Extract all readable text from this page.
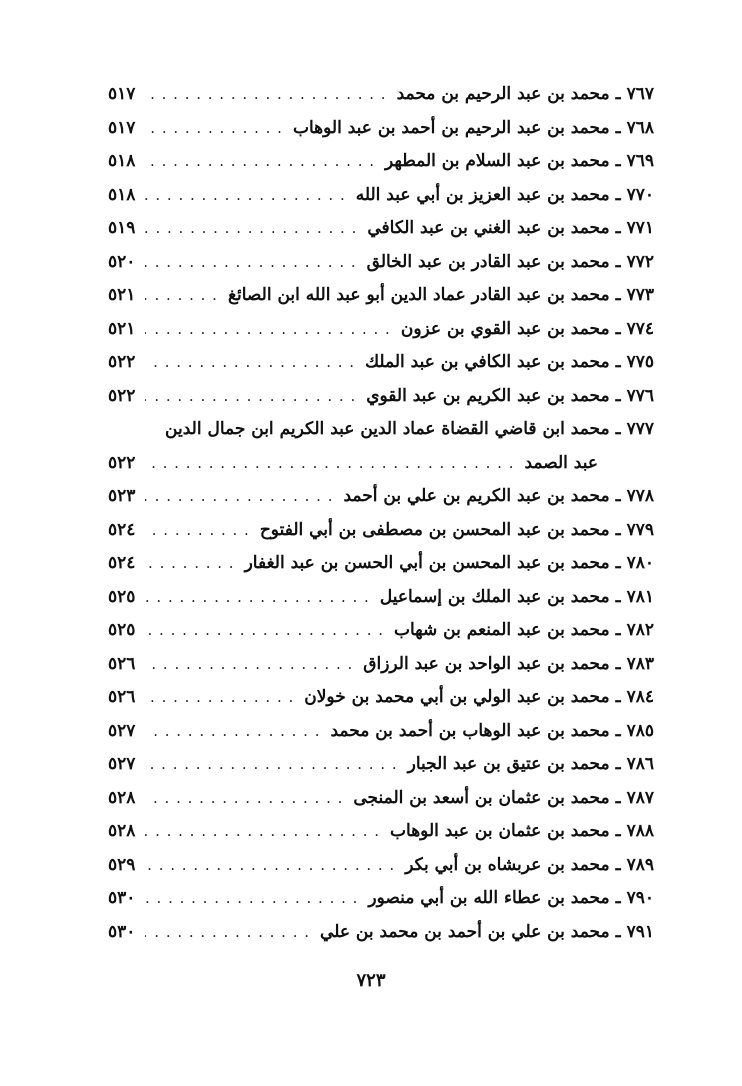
٧٦٧
ـ
محمد بن عبد الرحيم بن محمد
. . .
٥١٧
٧٦٨
ـ
محمد بن عبد الرحيم بن أحمد بن عبد الوهاب
. . .
٥١٧
٧٦٩
ـ
محمد بن عبد السلام بن المطهر
. . .
٥١٨
٧٧٠
ـ
محمد بن عبد العزيز بن أبي عبد الله
. . .
٥١٨
٧٧١
ـ
محمد بن عبد الغني بن عبد الكافي
. . .
٥١٩
٧٧٢
ـ
محمد بن عبد القادر بن عبد الخالق
. . .
٥٢٠
٧٧٣
ـ
محمد بن عبد القادر عماد الدين أبو عبد الله ابن الصائغ
. . .
٥٢١
٧٧٤
ـ
محمد بن عبد القوي بن عزون
. . .
٥٢١
٧٧٥
ـ
محمد بن عبد الكافي بن عبد الملك
. . .
٥٢٢
٧٧٦
ـ
محمد بن عبد الكريم بن عبد القوي
. . .
٥٢٢
٧٧٧
ـ
محمد ابن قاضي القضاة عماد الدين عبد الكريم ابن جمال الدين
عبد الصمد
. . .
٥٢٢
٧٧٨
ـ
محمد بن عبد الكريم بن علي بن أحمد
. . .
٥٢٣
٧٧٩
ـ
محمد بن عبد المحسن بن مصطفى بن أبي الفتوح
. . .
٥٢٤
٧٨٠
ـ
محمد بن عبد المحسن بن أبي الحسن بن عبد الغفار
. . .
٥٢٤
٧٨١
ـ
محمد بن عبد الملك بن إسماعيل
. . .
٥٢٥
٧٨٢
ـ
محمد بن عبد المنعم بن شهاب
. . .
٥٢٥
٧٨٣
ـ
محمد بن عبد الواحد بن عبد الرزاق
. . .
٥٢٦
٧٨٤
ـ
محمد بن عبد الولي بن أبي محمد بن خولان
. . .
٥٢٦
٧٨٥
ـ
محمد بن عبد الوهاب بن أحمد بن محمد
. . .
٥٢٧
٧٨٦
ـ
محمد بن عتيق بن عبد الجبار
. . .
٥٢٧
٧٨٧
ـ
محمد بن عثمان بن أسعد بن المنجى
. . .
٥٢٨
٧٨٨
ـ
محمد بن عثمان بن عبد الوهاب
. . .
٥٢٨
٧٨٩
ـ
محمد بن عربشاه بن أبي بكر
. . .
٥٢٩
٧٩٠
ـ
محمد بن عطاء الله بن أبي منصور
. . .
٥٣٠
٧٩١
ـ
محمد بن علي بن أحمد بن محمد بن علي
. . .
٥٣٠
٧٢٣
